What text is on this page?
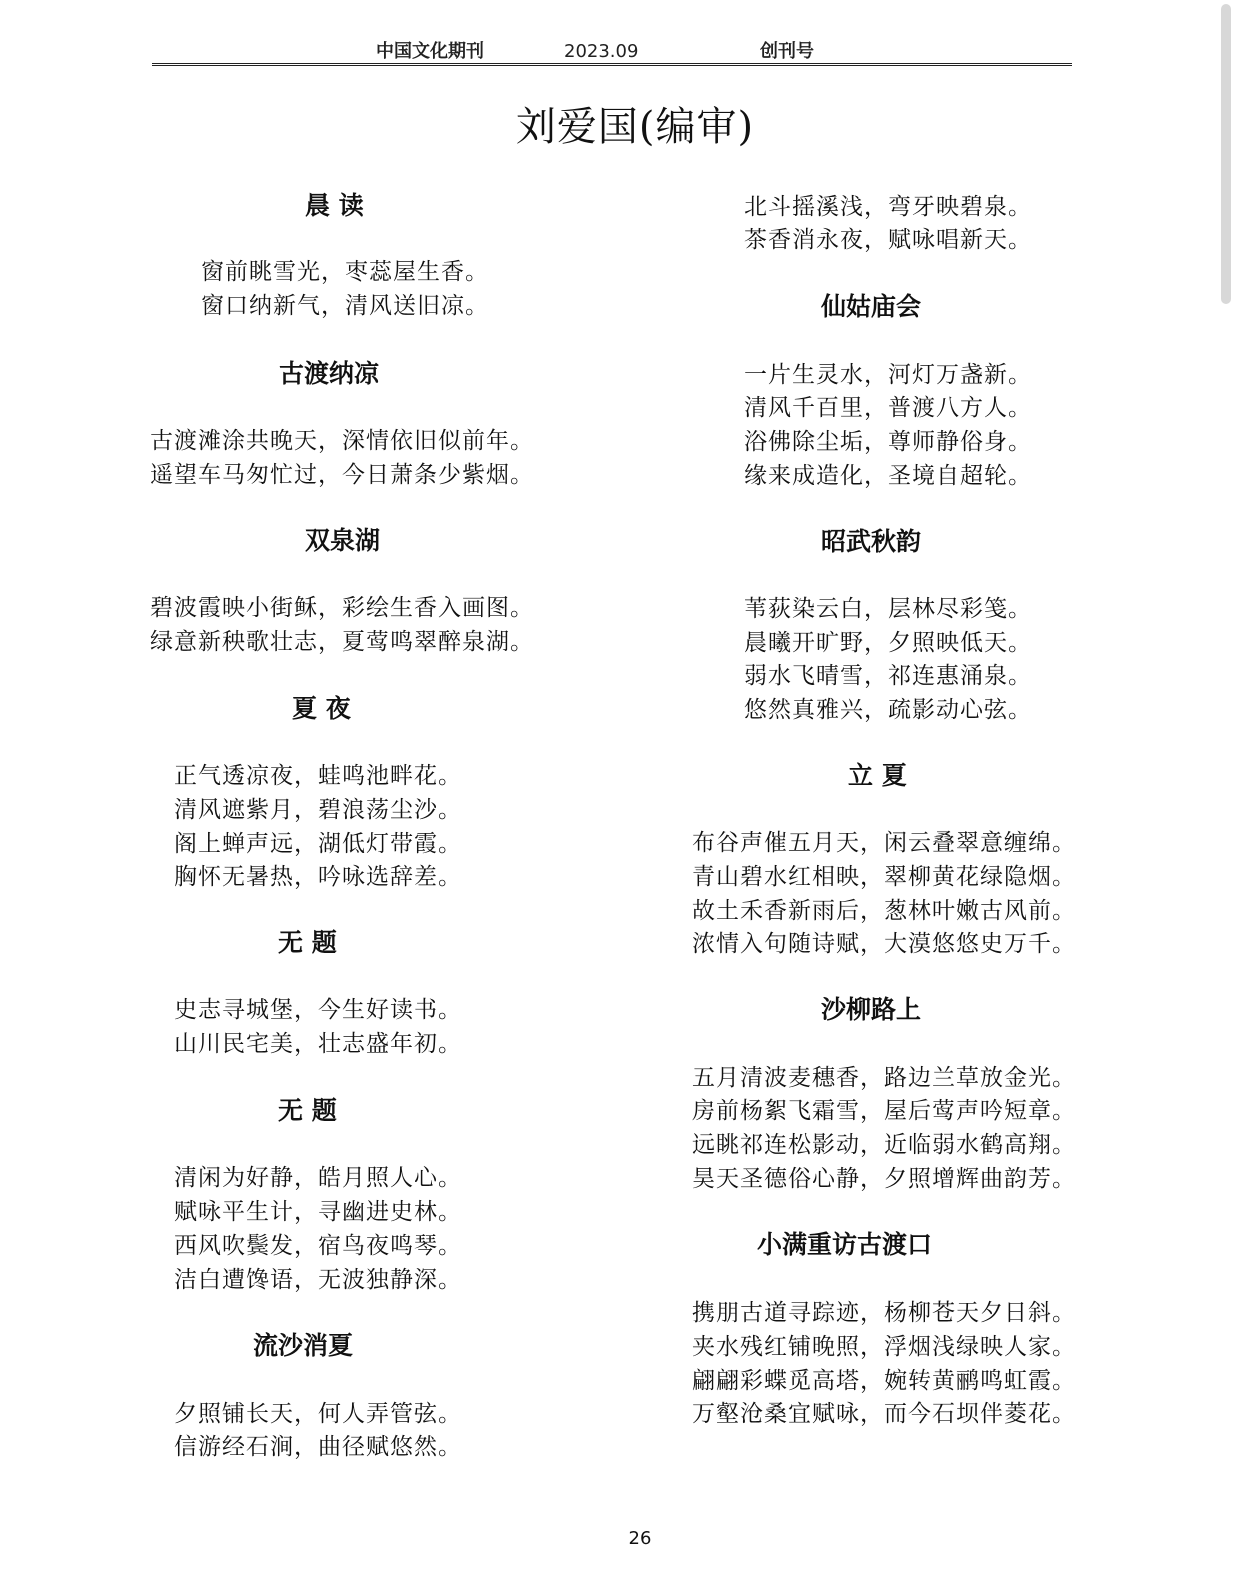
中国文化期刊	2023.09	创刊号
刘爱国(编审)
晨 读
窗前眺雪光，枣蕊屋生香。
窗口纳新气，清风送旧凉。
古渡纳凉
古渡滩涂共晚天，深情依旧似前年。
遥望车马匆忙过，今日萧条少紫烟。
双泉湖
碧波霞映小街稣，彩绘生香入画图。
绿意新秧歌壮志，夏莺鸣翠醉泉湖。
夏 夜
正气透凉夜，蛙鸣池畔花。
清风遮紫月，碧浪荡尘沙。
阁上蝉声远，湖低灯带霞。
胸怀无暑热，吟咏选辞差。
无 题
史志寻城堡，今生好读书。
山川民宅美，壮志盛年初。
无 题
清闲为好静，皓月照人心。
赋咏平生计，寻幽进史林。
西风吹鬓发，宿鸟夜鸣琴。
洁白遭馋语，无波独静深。
流沙消夏
夕照铺长天，何人弄管弦。
信游经石涧，曲径赋悠然。
北斗摇溪浅，弯牙映碧泉。
茶香消永夜，赋咏唱新天。
仙姑庙会
一片生灵水，河灯万盏新。
清风千百里，普渡八方人。
浴佛除尘垢，尊师静俗身。
缘来成造化，圣境自超轮。
昭武秋韵
苇荻染云白，层林尽彩笺。
晨曦开旷野，夕照映低天。
弱水飞晴雪，祁连惠涌泉。
悠然真雅兴，疏影动心弦。
立 夏
布谷声催五月天，闲云叠翠意缠绵。
青山碧水红相映，翠柳黄花绿隐烟。
故土禾香新雨后，葱林叶嫩古风前。
浓情入句随诗赋，大漠悠悠史万千。
沙柳路上
五月清波麦穗香，路边兰草放金光。
房前杨絮飞霜雪，屋后莺声吟短章。
远眺祁连松影动，近临弱水鹤高翔。
昊天圣德俗心静，夕照增辉曲韵芳。
小满重访古渡口
携朋古道寻踪迹，杨柳苍天夕日斜。
夹水残红铺晚照，浮烟浅绿映人家。
翩翩彩蝶觅高塔，婉转黄鹂鸣虹霞。
万壑沧桑宜赋咏，而今石坝伴菱花。
26
